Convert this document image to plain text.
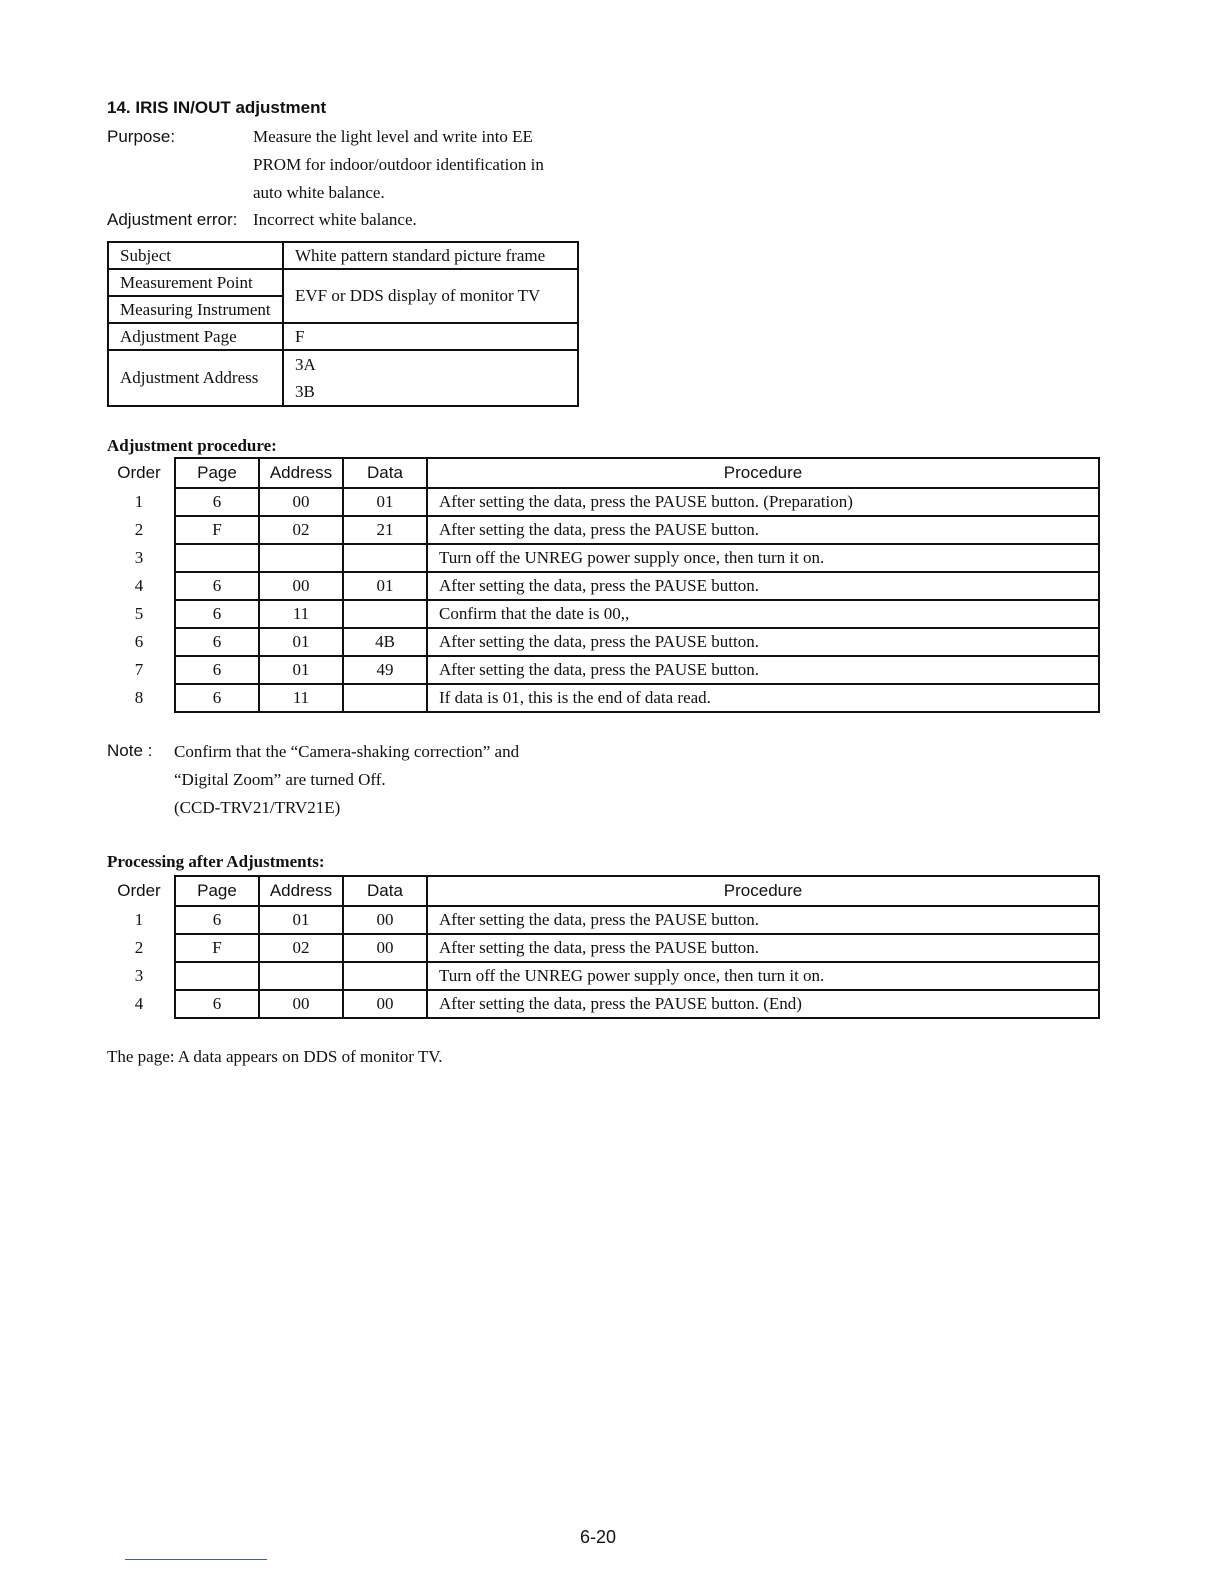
14. IRIS IN/OUT adjustment
Purpose:	Measure the light level and write into EE
PROM for indoor/outdoor identification in
auto white balance.
Adjustment error: Incorrect white balance.
Subject	White pattern standard picture frame
Measurement Point	EVF or DDS display of monitor TV
Measuring Instrument	
Adjustment Page	F
Adjustment Address	3A
3B
Adjustment procedure:
Order	Page	Address	Data	Procedure
1	6	00	01	After setting the data, press the PAUSE button. (Preparation)
2	F	02	21	After setting the data, press the PAUSE button.
3				Turn off the UNREG power supply once, then turn it on.
4	6	00	01	After setting the data, press the PAUSE button.
5	6	11		Confirm that the date is 00,,
6	6	01	4B	After setting the data, press the PAUSE button.
7	6	01	49	After setting the data, press the PAUSE button.
8	6	11		If data is 01, this is the end of data read.
Note : Confirm that the “Camera-shaking correction” and
“Digital Zoom” are turned Off.
(CCD-TRV21/TRV21E)
Processing after Adjustments:
Order	Page	Address	Data	Procedure
1	6	01	00	After setting the data, press the PAUSE button.
2	F	02	00	After setting the data, press the PAUSE button.
3				Turn off the UNREG power supply once, then turn it on.
4	6	00	00	After setting the data, press the PAUSE button. (End)
The page: A data appears on DDS of monitor TV.
6-20
